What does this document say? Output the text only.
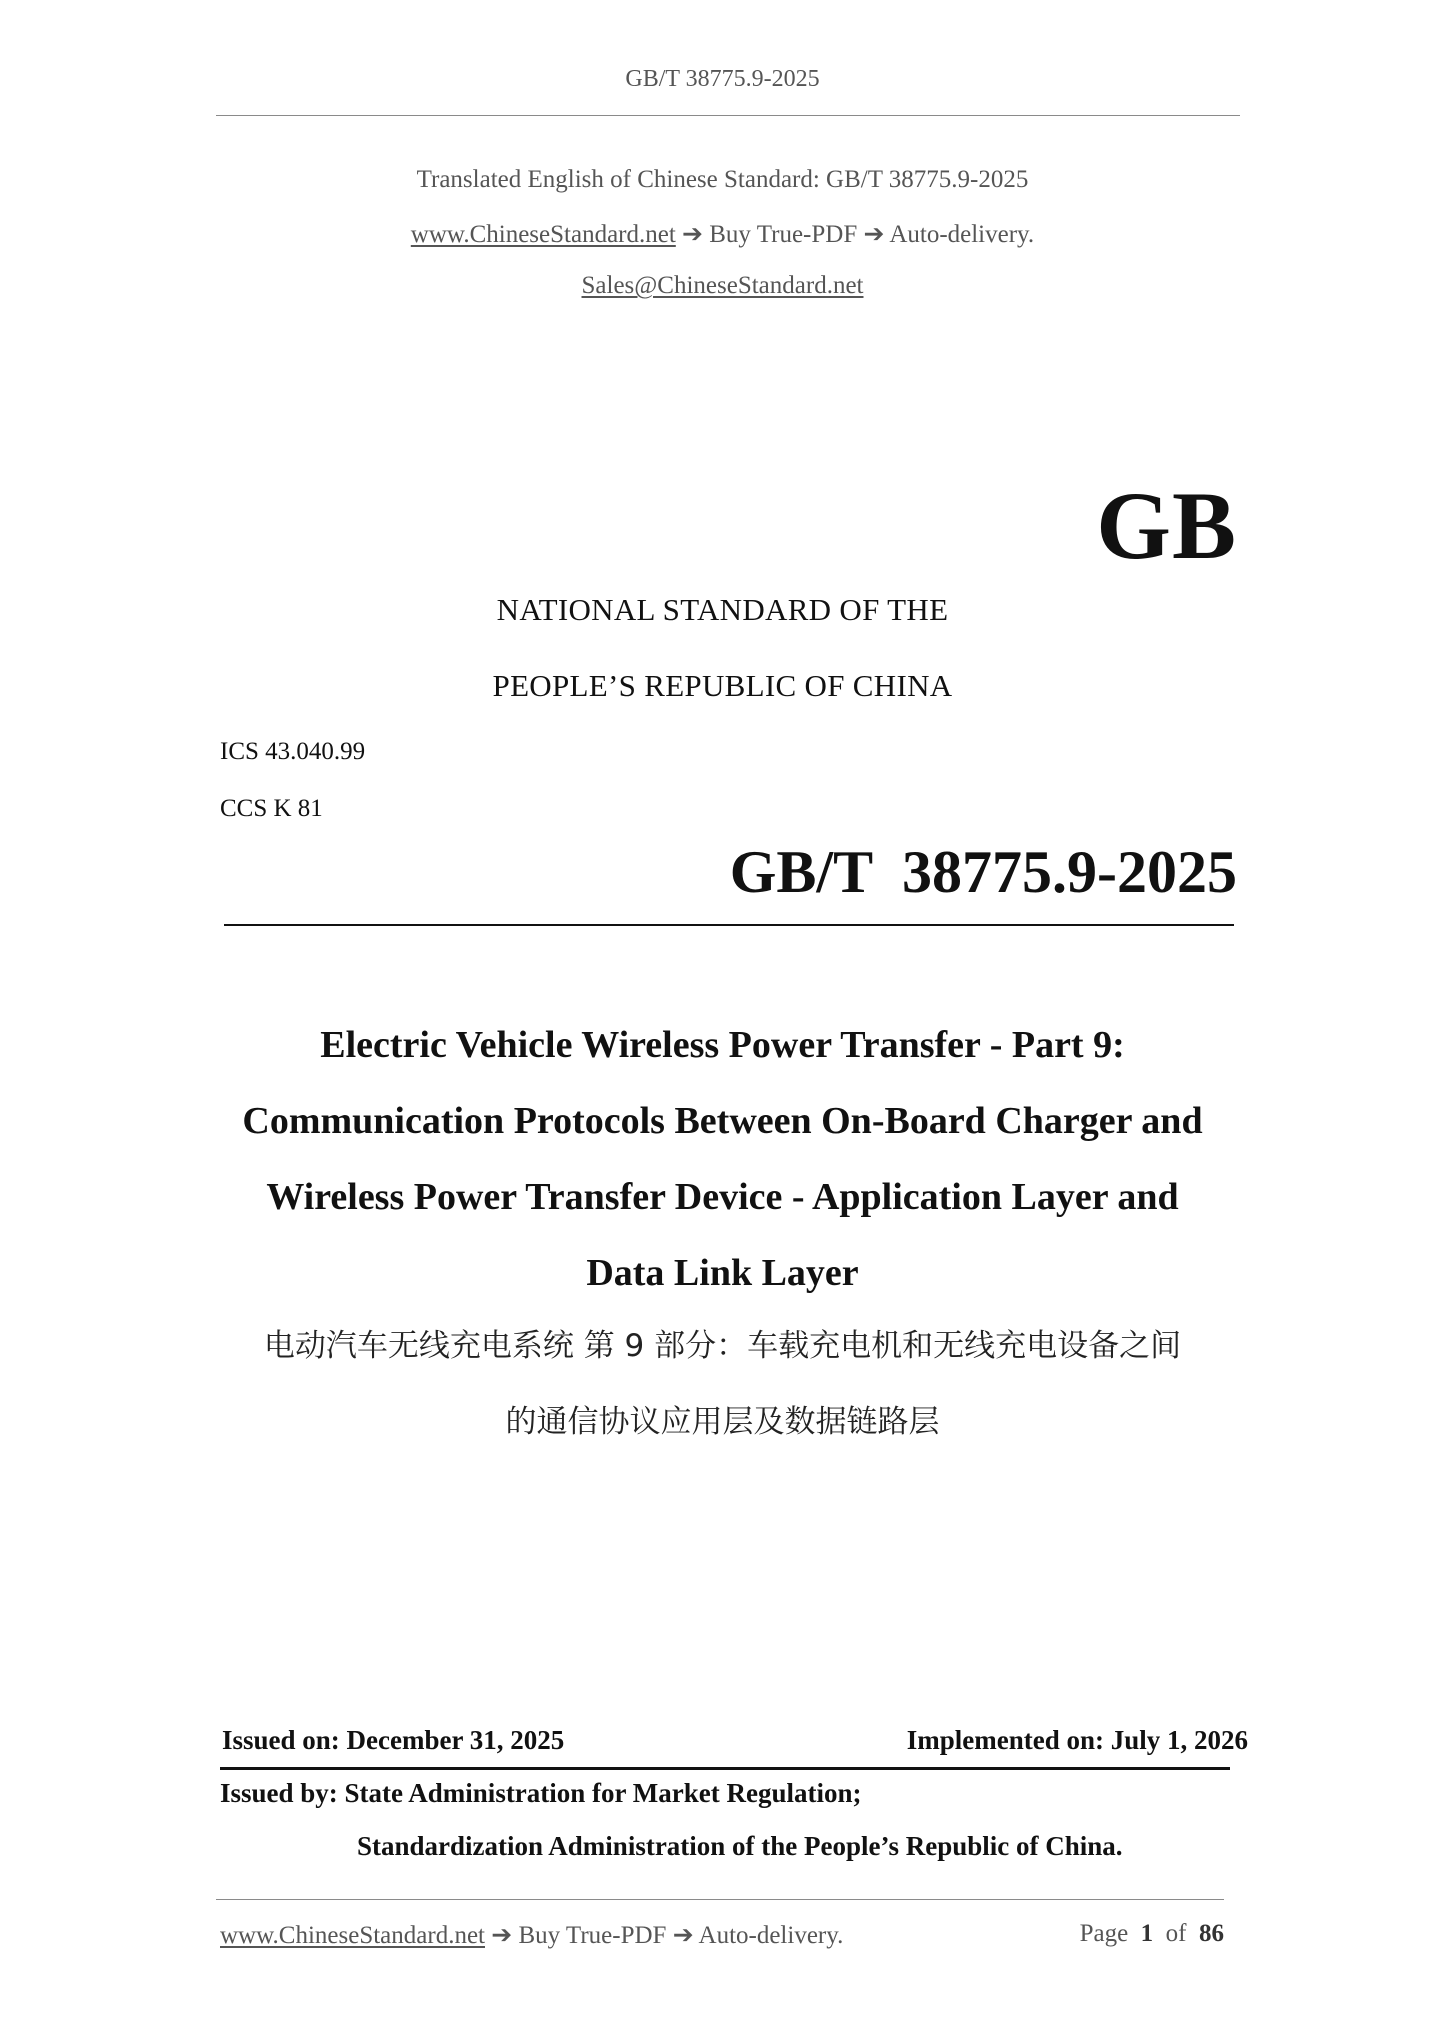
GB/T 38775.9-2025
Translated English of Chinese Standard: GB/T 38775.9-2025
www.ChineseStandard.net ➔ Buy True-PDF ➔ Auto-delivery.
Sales@ChineseStandard.net
GB
NATIONAL STANDARD OF THE
PEOPLE’S REPUBLIC OF CHINA
ICS 43.040.99
CCS K 81
GB/T  38775.9-2025
Electric Vehicle Wireless Power Transfer - Part 9:
Communication Protocols Between On-Board Charger and
Wireless Power Transfer Device - Application Layer and
Data Link Layer
电动汽车无线充电系统 第 9 部分：车载充电机和无线充电设备之间
的通信协议应用层及数据链路层
Issued on: December 31, 2025	Implemented on: July 1, 2026
Issued by: State Administration for Market Regulation;
Standardization Administration of the People’s Republic of China.
www.ChineseStandard.net ➔ Buy True-PDF ➔ Auto-delivery.	Page 1 of 86
